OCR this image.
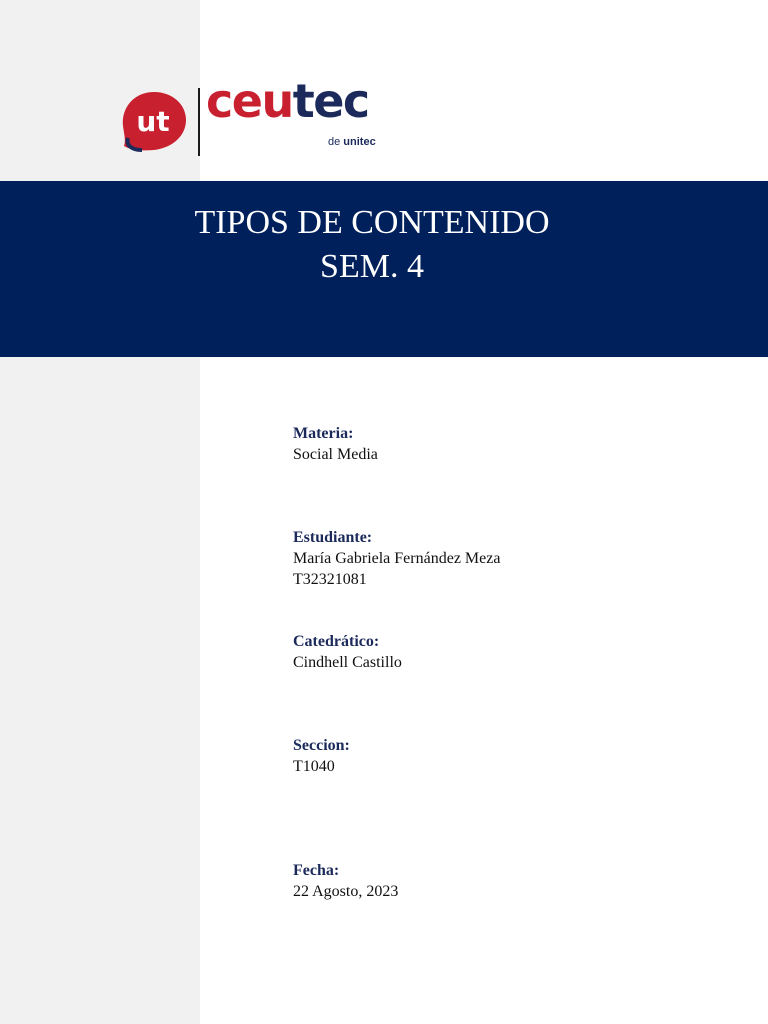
ut ceutec
de unitec
TIPOS DE CONTENIDO
SEM. 4
Materia:
Social Media
Estudiante:
María Gabriela Fernández Meza
T32321081
Catedrático:
Cindhell Castillo
Seccion:
T1040
Fecha:
22 Agosto, 2023
